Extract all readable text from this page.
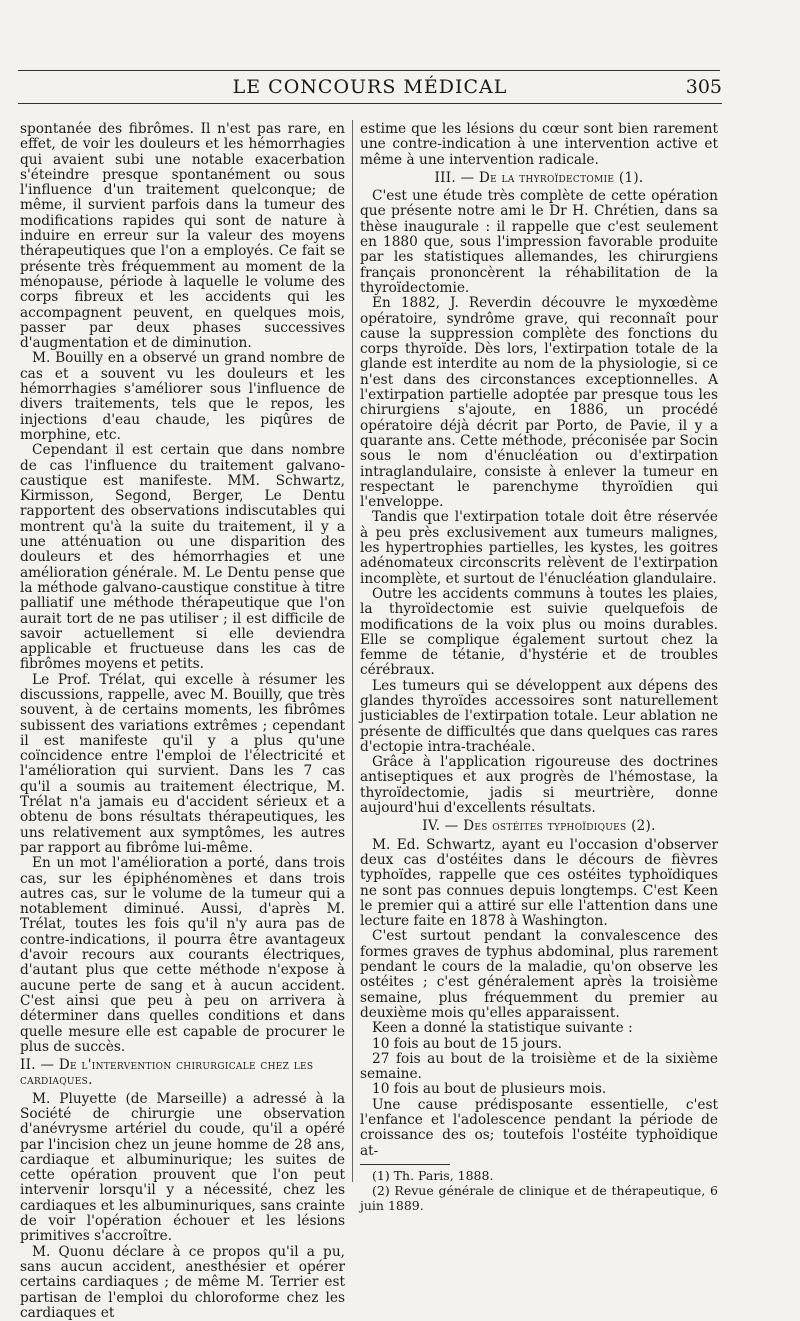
LE CONCOURS MÉDICAL	305

spontanée des fibrômes. Il n'est pas rare, en effet, de voir les douleurs et les hémorrhagies qui avaient subi une notable exacerbation s'éteindre presque spontanément ou sous l'influence d'un traitement quelconque; de même, il survient parfois dans la tumeur des modifications rapides qui sont de nature à induire en erreur sur la valeur des moyens thérapeutiques que l'on a employés. Ce fait se présente très fréquemment au moment de la ménopause, période à laquelle le volume des corps fibreux et les accidents qui les accompagnent peuvent, en quelques mois, passer par deux phases successives d'augmentation et de diminution.

M. Bouilly en a observé un grand nombre de cas et a souvent vu les douleurs et les hémorrhagies s'améliorer sous l'influence de divers traitements, tels que le repos, les injections d'eau chaude, les piqûres de morphine, etc.

Cependant il est certain que dans nombre de cas l'influence du traitement galvano-caustique est manifeste. MM. Schwartz, Kirmisson, Segond, Berger, Le Dentu rapportent des observations indiscutables qui montrent qu'à la suite du traitement, il y a une atténuation ou une disparition des douleurs et des hémorrhagies et une amélioration générale. M. Le Dentu pense que la méthode galvano-caustique constitue à titre palliatif une méthode thérapeutique que l'on aurait tort de ne pas utiliser ; il est difficile de savoir actuellement si elle deviendra applicable et fructueuse dans les cas de fibrômes moyens et petits.

Le Prof. Trélat, qui excelle à résumer les discussions, rappelle, avec M. Bouilly, que très souvent, à de certains moments, les fibrômes subissent des variations extrêmes ; cependant il est manifeste qu'il y a plus qu'une coïncidence entre l'emploi de l'électricité et l'amélioration qui survient. Dans les 7 cas qu'il a soumis au traitement électrique, M. Trélat n'a jamais eu d'accident sérieux et a obtenu de bons résultats thérapeutiques, les uns relativement aux symptômes, les autres par rapport au fibrôme lui-même.

En un mot l'amélioration a porté, dans trois cas, sur les épiphénomènes et dans trois autres cas, sur le volume de la tumeur qui a notablement diminué. Aussi, d'après M. Trélat, toutes les fois qu'il n'y aura pas de contre-indications, il pourra être avantageux d'avoir recours aux courants électriques, d'autant plus que cette méthode n'expose à aucune perte de sang et à aucun accident. C'est ainsi que peu à peu on arrivera à déterminer dans quelles conditions et dans quelle mesure elle est capable de procurer le plus de succès.

II. — De l'intervention chirurgicale chez les cardiaques.

M. Pluyette (de Marseille) a adressé à la Société de chirurgie une observation d'anévrysme artériel du coude, qu'il a opéré par l'incision chez un jeune homme de 28 ans, cardiaque et albuminurique; les suites de cette opération prouvent que l'on peut intervenir lorsqu'il y a nécessité, chez les cardiaques et les albuminuriques, sans crainte de voir l'opération échouer et les lésions primitives s'accroître.

M. Quonu déclare à ce propos qu'il a pu, sans aucun accident, anesthésier et opérer certains cardiaques ; de même M. Terrier est partisan de l'emploi du chloroforme chez les cardiaques et

estime que les lésions du cœur sont bien rarement une contre-indication à une intervention active et même à une intervention radicale.

III. — De la thyroïdectomie (1).

C'est une étude très complète de cette opération que présente notre ami le Dr H. Chrétien, dans sa thèse inaugurale : il rappelle que c'est seulement en 1880 que, sous l'impression favorable produite par les statistiques allemandes, les chirurgiens français prononcèrent la réhabilitation de la thyroïdectomie.

En 1882, J. Reverdin découvre le myxœdème opératoire, syndrôme grave, qui reconnaît pour cause la suppression complète des fonctions du corps thyroïde. Dès lors, l'extirpation totale de la glande est interdite au nom de la physiologie, si ce n'est dans des circonstances exceptionnelles. A l'extirpation partielle adoptée par presque tous les chirurgiens s'ajoute, en 1886, un procédé opératoire déjà décrit par Porto, de Pavie, il y a quarante ans. Cette méthode, préconisée par Socin sous le nom d'énucléation ou d'extirpation intraglandulaire, consiste à enlever la tumeur en respectant le parenchyme thyroïdien qui l'enveloppe.

Tandis que l'extirpation totale doit être réservée à peu près exclusivement aux tumeurs malignes, les hypertrophies partielles, les kystes, les goitres adénomateux circonscrits relèvent de l'extirpation incomplète, et surtout de l'énucléation glandulaire.

Outre les accidents communs à toutes les plaies, la thyroïdectomie est suivie quelquefois de modifications de la voix plus ou moins durables. Elle se complique également surtout chez la femme de tétanie, d'hystérie et de troubles cérébraux.

Les tumeurs qui se développent aux dépens des glandes thyroïdes accessoires sont naturellement justiciables de l'extirpation totale. Leur ablation ne présente de difficultés que dans quelques cas rares d'ectopie intra-trachéale.

Grâce à l'application rigoureuse des doctrines antiseptiques et aux progrès de l'hémostase, la thyroïdectomie, jadis si meurtrière, donne aujourd'hui d'excellents résultats.

IV. — Des ostéites typhoïdiques (2).

M. Ed. Schwartz, ayant eu l'occasion d'observer deux cas d'ostéites dans le décours de fièvres typhoïdes, rappelle que ces ostéites typhoïdiques ne sont pas connues depuis longtemps. C'est Keen le premier qui a attiré sur elle l'attention dans une lecture faite en 1878 à Washington.

C'est surtout pendant la convalescence des formes graves de typhus abdominal, plus rarement pendant le cours de la maladie, qu'on observe les ostéites ; c'est généralement après la troisième semaine, plus fréquemment du premier au deuxième mois qu'elles apparaissent.

Keen a donné la statistique suivante :

10 fois au bout de 15 jours.

27 fois au bout de la troisième et de la sixième semaine.

10 fois au bout de plusieurs mois.

Une cause prédisposante essentielle, c'est l'enfance et l'adolescence pendant la période de croissance des os; toutefois l'ostéite typhoïdique at-

(1) Th. Paris, 1888.

(2) Revue générale de clinique et de thérapeutique, 6 juin 1889.
